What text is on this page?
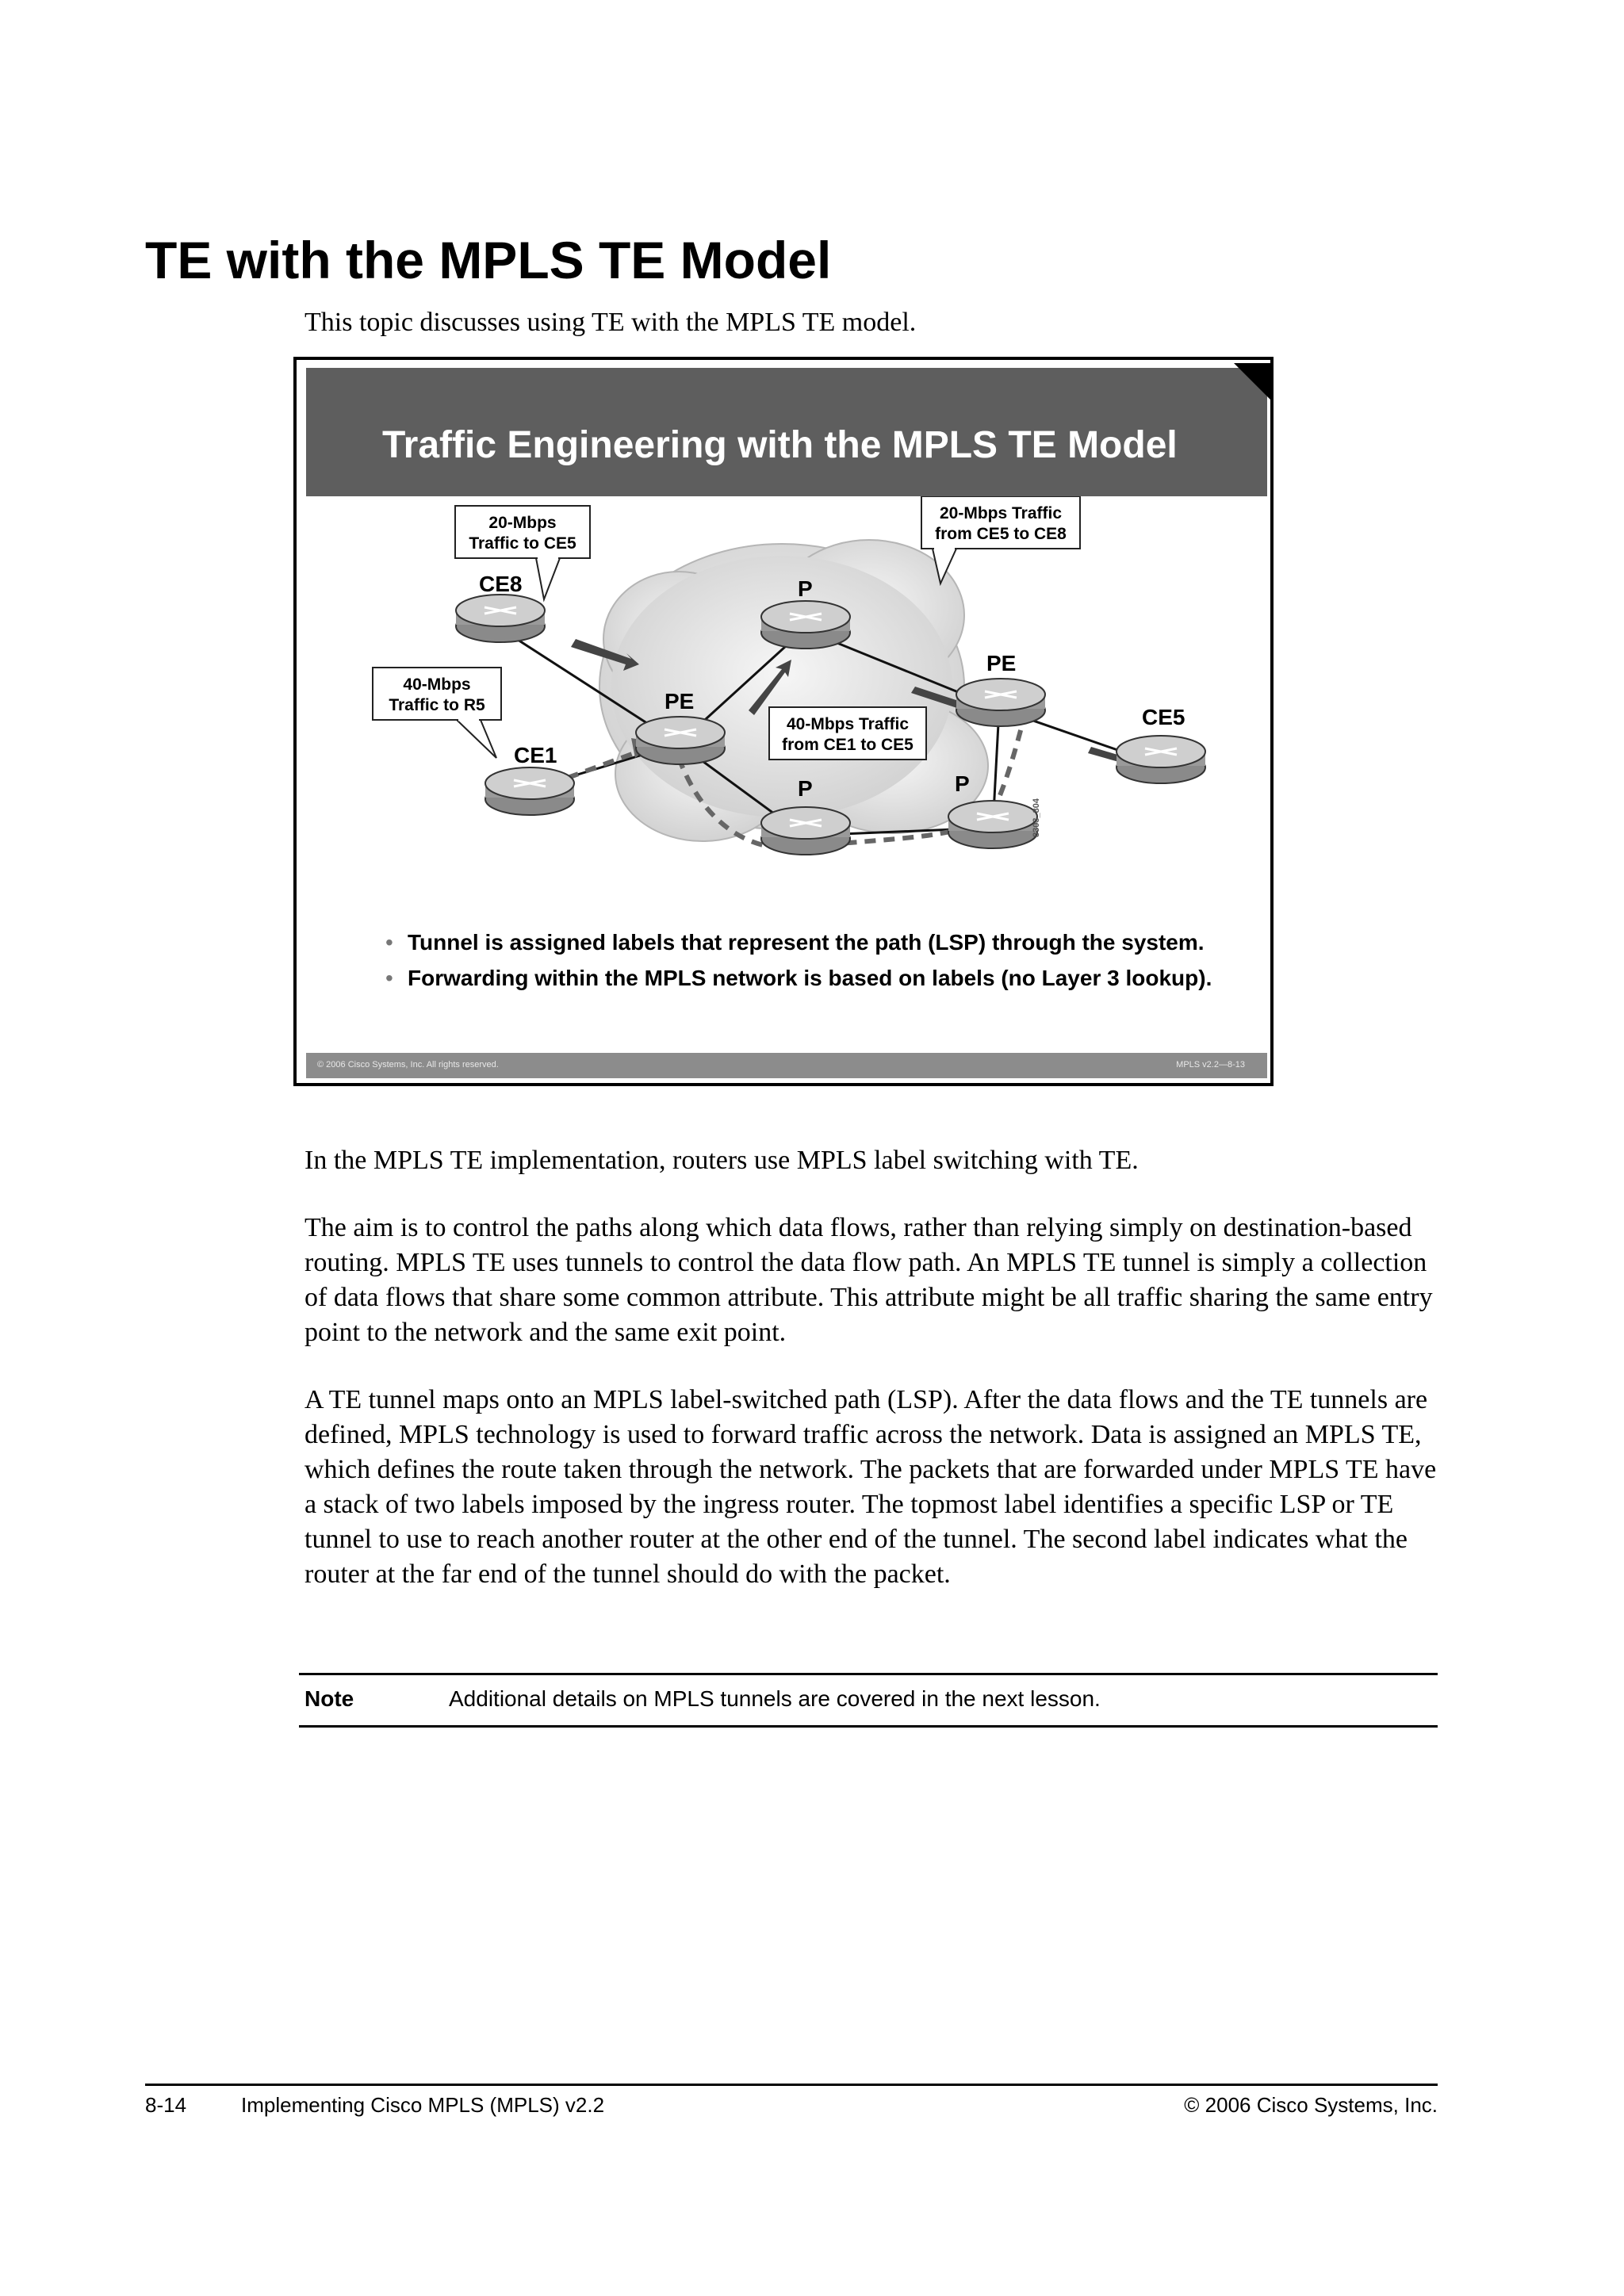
TE with the MPLS TE Model
This topic discusses using TE with the MPLS TE model.
Traffic Engineering with the MPLS TE Model
CE8
CE1
PE
P
PE
CE5
P	P
20-Mbps
Traffic to CE5
20-Mbps Traffic
from CE5 to CE8
40-Mbps
Traffic to R5
40-Mbps Traffic
from CE1 to CE5
8303_804
• Tunnel is assigned labels that represent the path (LSP) through the system.
• Forwarding within the MPLS network is based on labels (no Layer 3 lookup).
© 2006 Cisco Systems, Inc. All rights reserved.	MPLS v2.2—8-13

In the MPLS TE implementation, routers use MPLS label switching with TE.

The aim is to control the paths along which data flows, rather than relying simply on destination-based routing. MPLS TE uses tunnels to control the data flow path. An MPLS TE tunnel is simply a collection of data flows that share some common attribute. This attribute might be all traffic sharing the same entry point to the network and the same exit point.

A TE tunnel maps onto an MPLS label-switched path (LSP). After the data flows and the TE tunnels are defined, MPLS technology is used to forward traffic across the network. Data is assigned an MPLS TE, which defines the route taken through the network. The packets that are forwarded under MPLS TE have a stack of two labels imposed by the ingress router. The topmost label identifies a specific LSP or TE tunnel to use to reach another router at the other end of the tunnel. The second label indicates what the router at the far end of the tunnel should do with the packet.

Note	Additional details on MPLS tunnels are covered in the next lesson.
8-14	Implementing Cisco MPLS (MPLS) v2.2	© 2006 Cisco Systems, Inc.
